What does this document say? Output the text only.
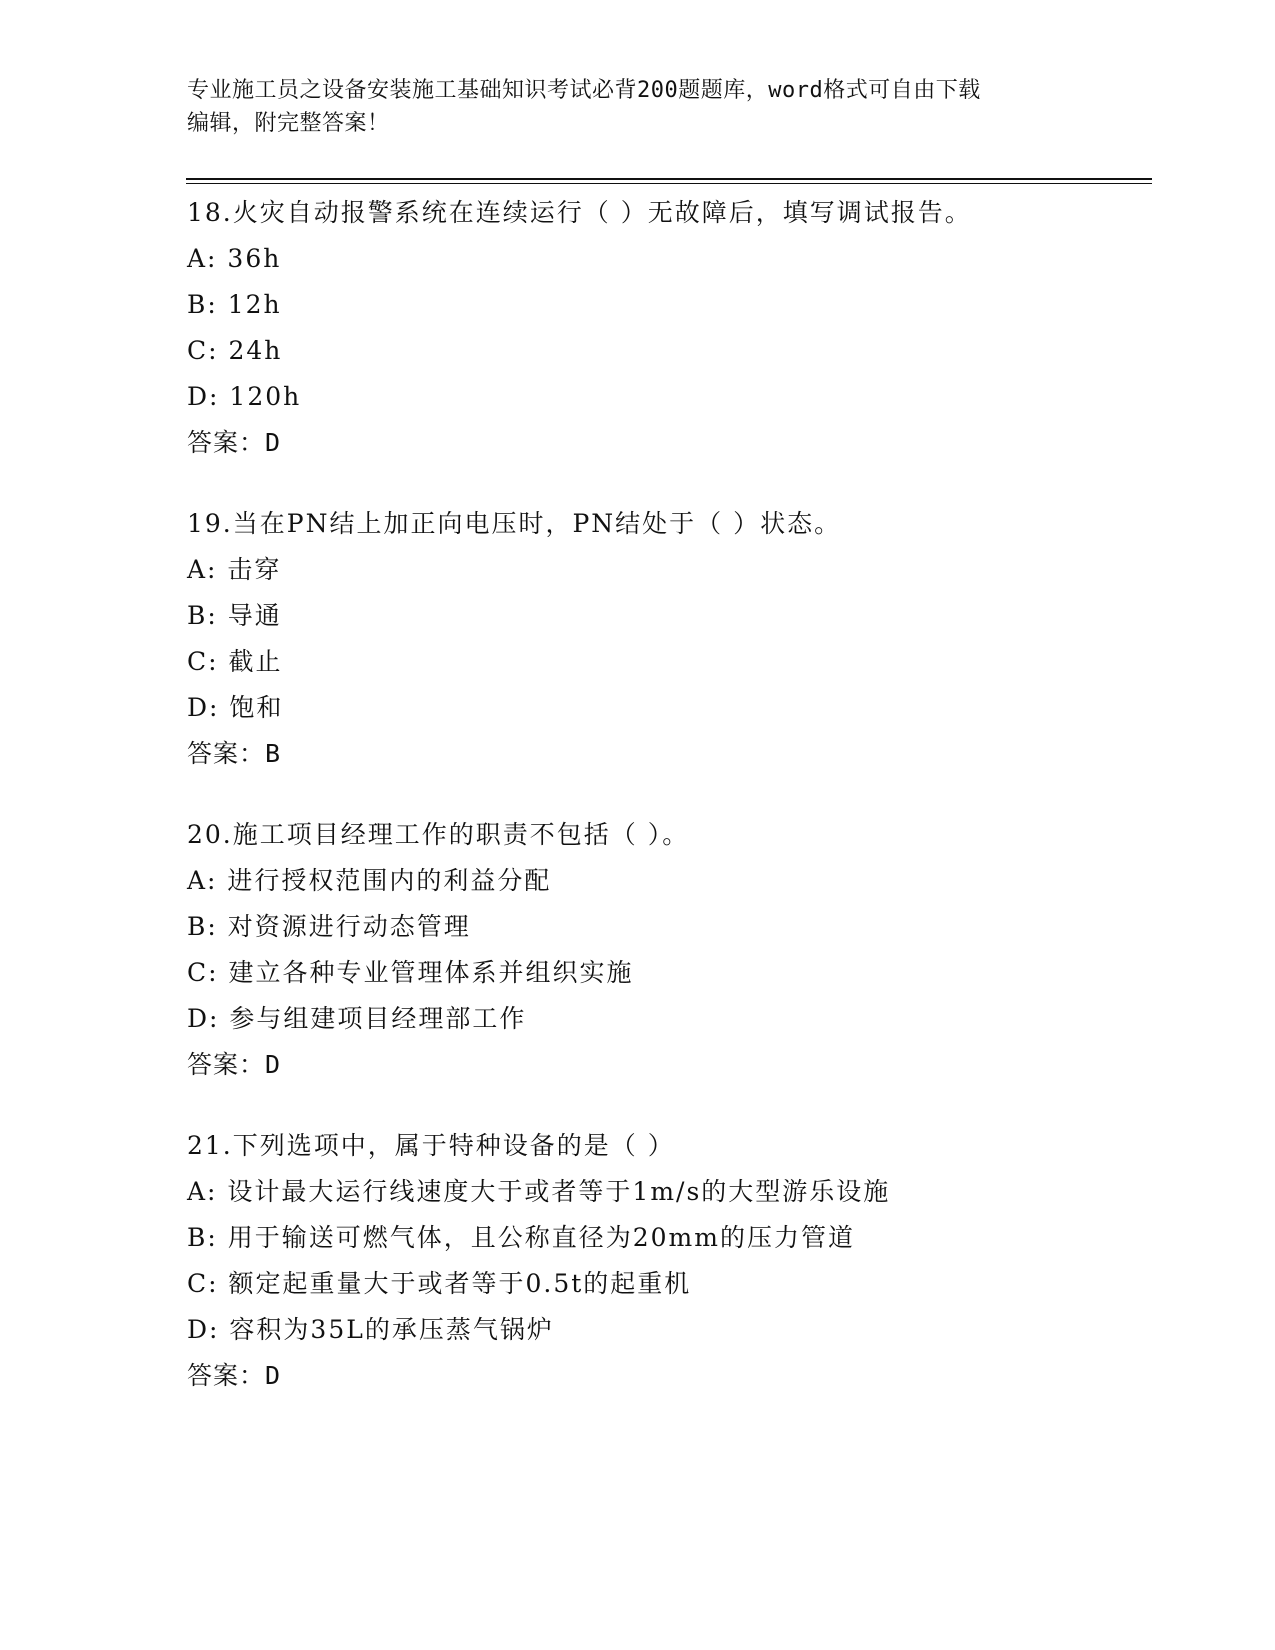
专业施工员之设备安装施工基础知识考试必背200题题库，word格式可自由下载
编辑，附完整答案！
18.火灾自动报警系统在连续运行（ ）无故障后，填写调试报告。
A: 36h
B: 12h
C: 24h
D: 120h
答案：D
19.当在PN结上加正向电压时，PN结处于（ ）状态。
A: 击穿
B: 导通
C: 截止
D: 饱和
答案：B
20.施工项目经理工作的职责不包括（ ）。
A: 进行授权范围内的利益分配
B: 对资源进行动态管理
C: 建立各种专业管理体系并组织实施
D: 参与组建项目经理部工作
答案：D
21.下列选项中，属于特种设备的是（ ）
A: 设计最大运行线速度大于或者等于1m/s的大型游乐设施
B: 用于输送可燃气体，且公称直径为20mm的压力管道
C: 额定起重量大于或者等于0.5t的起重机
D: 容积为35L的承压蒸气锅炉
答案：D
